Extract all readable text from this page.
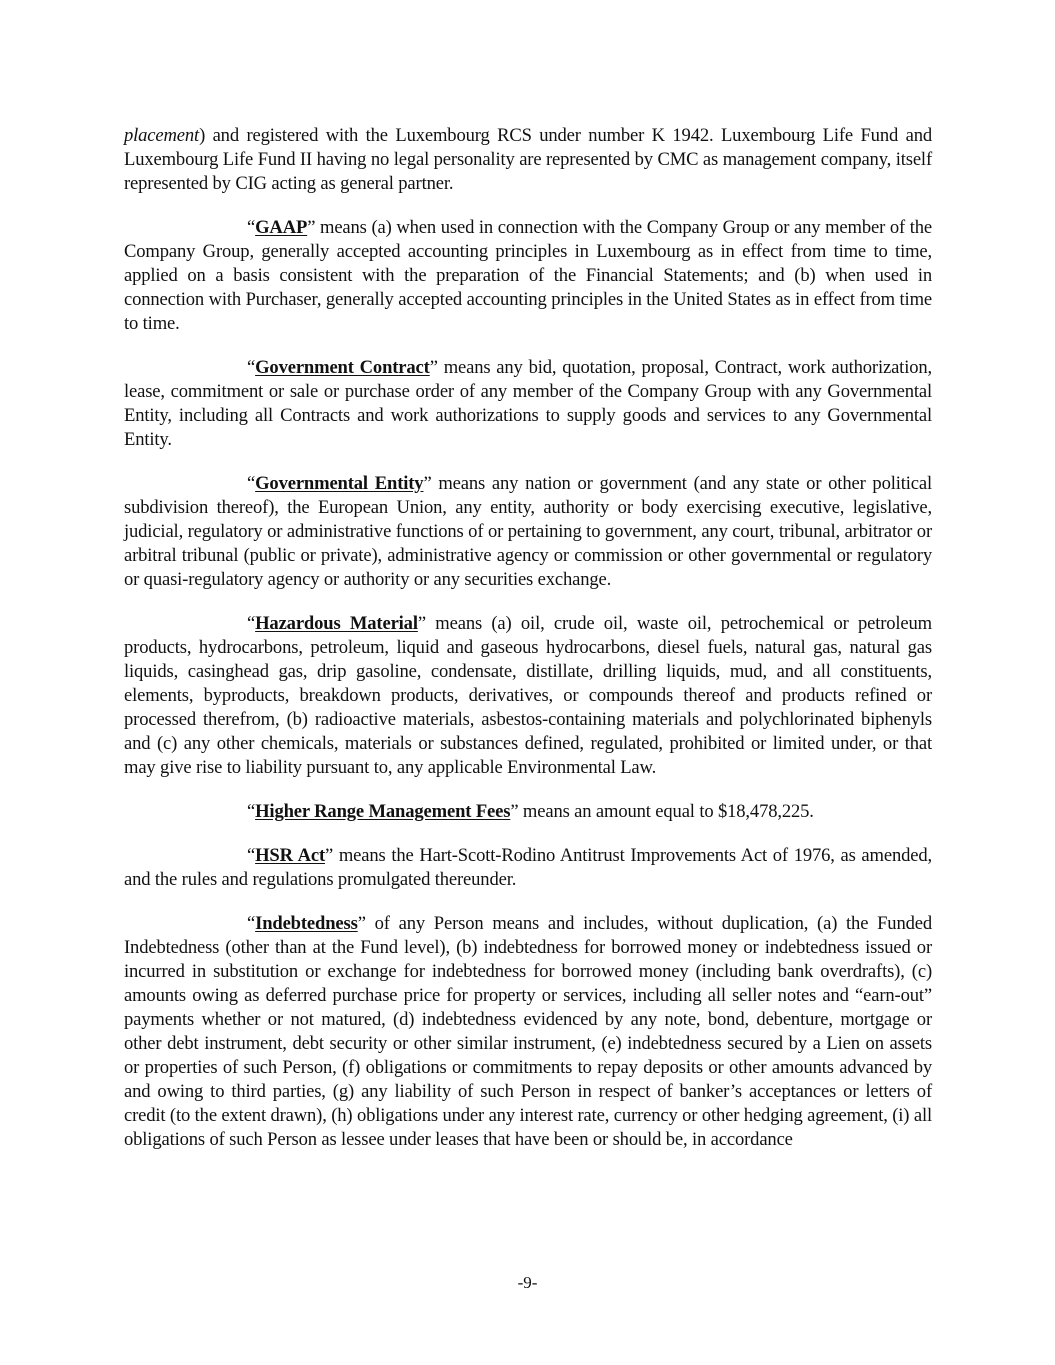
placement) and registered with the Luxembourg RCS under number K 1942. Luxembourg Life Fund and Luxembourg Life Fund II having no legal personality are represented by CMC as management company, itself represented by CIG acting as general partner.

“GAAP” means (a) when used in connection with the Company Group or any member of the Company Group, generally accepted accounting principles in Luxembourg as in effect from time to time, applied on a basis consistent with the preparation of the Financial Statements; and (b) when used in connection with Purchaser, generally accepted accounting principles in the United States as in effect from time to time.

“Government Contract” means any bid, quotation, proposal, Contract, work authorization, lease, commitment or sale or purchase order of any member of the Company Group with any Governmental Entity, including all Contracts and work authorizations to supply goods and services to any Governmental Entity.

“Governmental Entity” means any nation or government (and any state or other political subdivision thereof), the European Union, any entity, authority or body exercising executive, legislative, judicial, regulatory or administrative functions of or pertaining to government, any court, tribunal, arbitrator or arbitral tribunal (public or private), administrative agency or commission or other governmental or regulatory or quasi-regulatory agency or authority or any securities exchange.

“Hazardous Material” means (a) oil, crude oil, waste oil, petrochemical or petroleum products, hydrocarbons, petroleum, liquid and gaseous hydrocarbons, diesel fuels, natural gas, natural gas liquids, casinghead gas, drip gasoline, condensate, distillate, drilling liquids, mud, and all constituents, elements, byproducts, breakdown products, derivatives, or compounds thereof and products refined or processed therefrom, (b) radioactive materials, asbestos-containing materials and polychlorinated biphenyls and (c) any other chemicals, materials or substances defined, regulated, prohibited or limited under, or that may give rise to liability pursuant to, any applicable Environmental Law.

“Higher Range Management Fees” means an amount equal to $18,478,225.

“HSR Act” means the Hart-Scott-Rodino Antitrust Improvements Act of 1976, as amended, and the rules and regulations promulgated thereunder.

“Indebtedness” of any Person means and includes, without duplication, (a) the Funded Indebtedness (other than at the Fund level), (b) indebtedness for borrowed money or indebtedness issued or incurred in substitution or exchange for indebtedness for borrowed money (including bank overdrafts), (c) amounts owing as deferred purchase price for property or services, including all seller notes and “earn-out” payments whether or not matured, (d) indebtedness evidenced by any note, bond, debenture, mortgage or other debt instrument, debt security or other similar instrument, (e) indebtedness secured by a Lien on assets or properties of such Person, (f) obligations or commitments to repay deposits or other amounts advanced by and owing to third parties, (g) any liability of such Person in respect of banker’s acceptances or letters of credit (to the extent drawn), (h) obligations under any interest rate, currency or other hedging agreement, (i) all obligations of such Person as lessee under leases that have been or should be, in accordance

-9-
